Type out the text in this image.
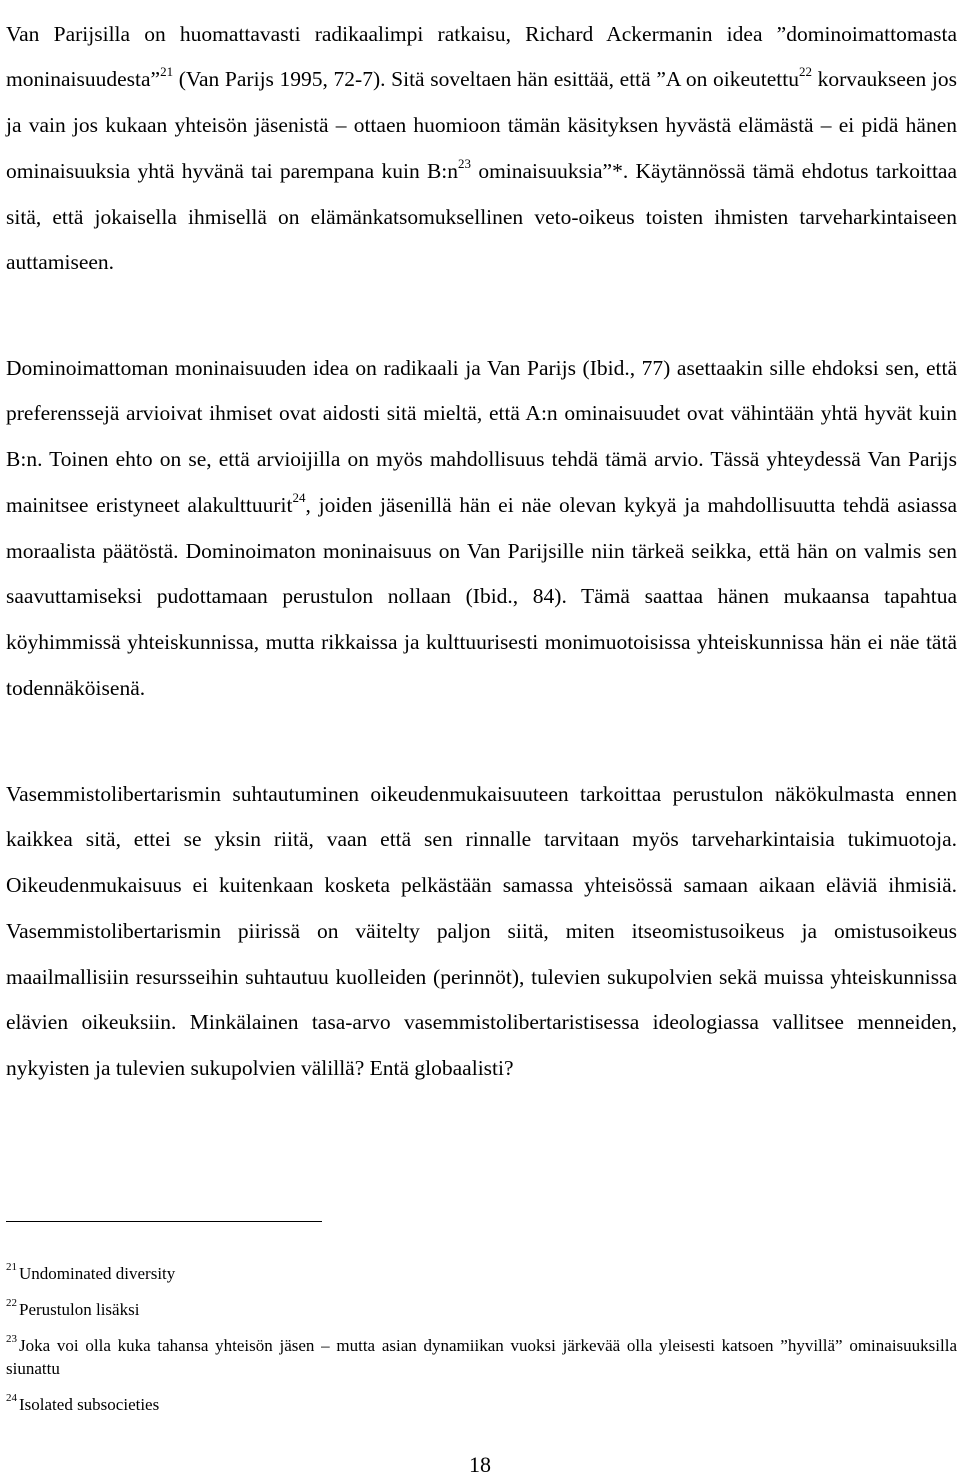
Van Parijsilla on huomattavasti radikaalimpi ratkaisu, Richard Ackermanin idea ”dominoimattomasta moninaisuudesta”$^{21}$ (Van Parijs 1995, 72-7). Sitä soveltaen hän esittää, että ”A on oikeutettu$^{22}$ korvaukseen jos ja vain jos kukaan yhteisön jäsenistä – ottaen huomioon tämän käsityksen hyvästä elämästä – ei pidä hänen ominaisuuksia yhtä hyvänä tai parempana kuin $B:n^{23}$ ominaisuuksia”*. Käytännössä tämä ehdotus tarkoittaa sitä, että jokaisella ihmisellä on elämänkatsomuksellinen veto-oikeus toisten ihmisten tarveharkintaiseen auttamiseen.

Dominoimattoman moninaisuuden idea on radikaali ja Van Parijs (Ibid., 77) asettaakin sille ehdoksi sen, että preferenssejä arvioivat ihmiset ovat aidosti sitä mieltä, että A:n ominaisuudet ovat vähintään yhtä hyvät kuin B:n. Toinen ehto on se, että arvioijilla on myös mahdollisuus tehdä tämä arvio. Tässä yhteydessä Van Parijs mainitsee eristyneet alakulttuurit$^{24}$, joiden jäsenillä hän ei näe olevan kykyä ja mahdollisuutta tehdä asiassa moraalista päätöstä. Dominoimaton moninaisuus on Van Parijsille niin tärkeä seikka, että hän on valmis sen saavuttamiseksi pudottamaan perustulon nollaan (Ibid., 84). Tämä saattaa hänen mukaansa tapahtua köyhimmissä yhteiskunnissa, mutta rikkaissa ja kulttuurisesti monimuotoisissa yhteiskunnissa hän ei näe tätä todennäköisenä.

Vasemmistolibertarismin suhtautuminen oikeudenmukaisuuteen tarkoittaa perustulon näkökulmasta ennen kaikkea sitä, ettei se yksin riitä, vaan että sen rinnalle tarvitaan myös tarveharkintaisia tukimuotoja. Oikeudenmukaisuus ei kuitenkaan kosketa pelkästään samassa yhteisössä samaan aikaan eläviä ihmisiä. Vasemmistolibertarismin piirissä on väitelty paljon siitä, miten itseomistusoikeus ja omistusoikeus maailmallisiin resursseihin suhtautuu kuolleiden (perinnöt), tulevien sukupolvien sekä muissa yhteiskunnissa elävien oikeuksiin. Minkälainen tasa-arvo vasemmistolibertaristisessa ideologiassa vallitsee menneiden, nykyisten ja tulevien sukupolvien välillä? Entä globaalisti?

$^{21}$ Undominated diversity
$^{22}$ Perustulon lisäksi
$^{23}$ Joka voi olla kuka tahansa yhteisön jäsen – mutta asian dynamiikan vuoksi järkevää olla yleisesti katsoen ”hyvillä” ominaisuuksilla siunattu
$^{24}$ Isolated subsocieties
18
